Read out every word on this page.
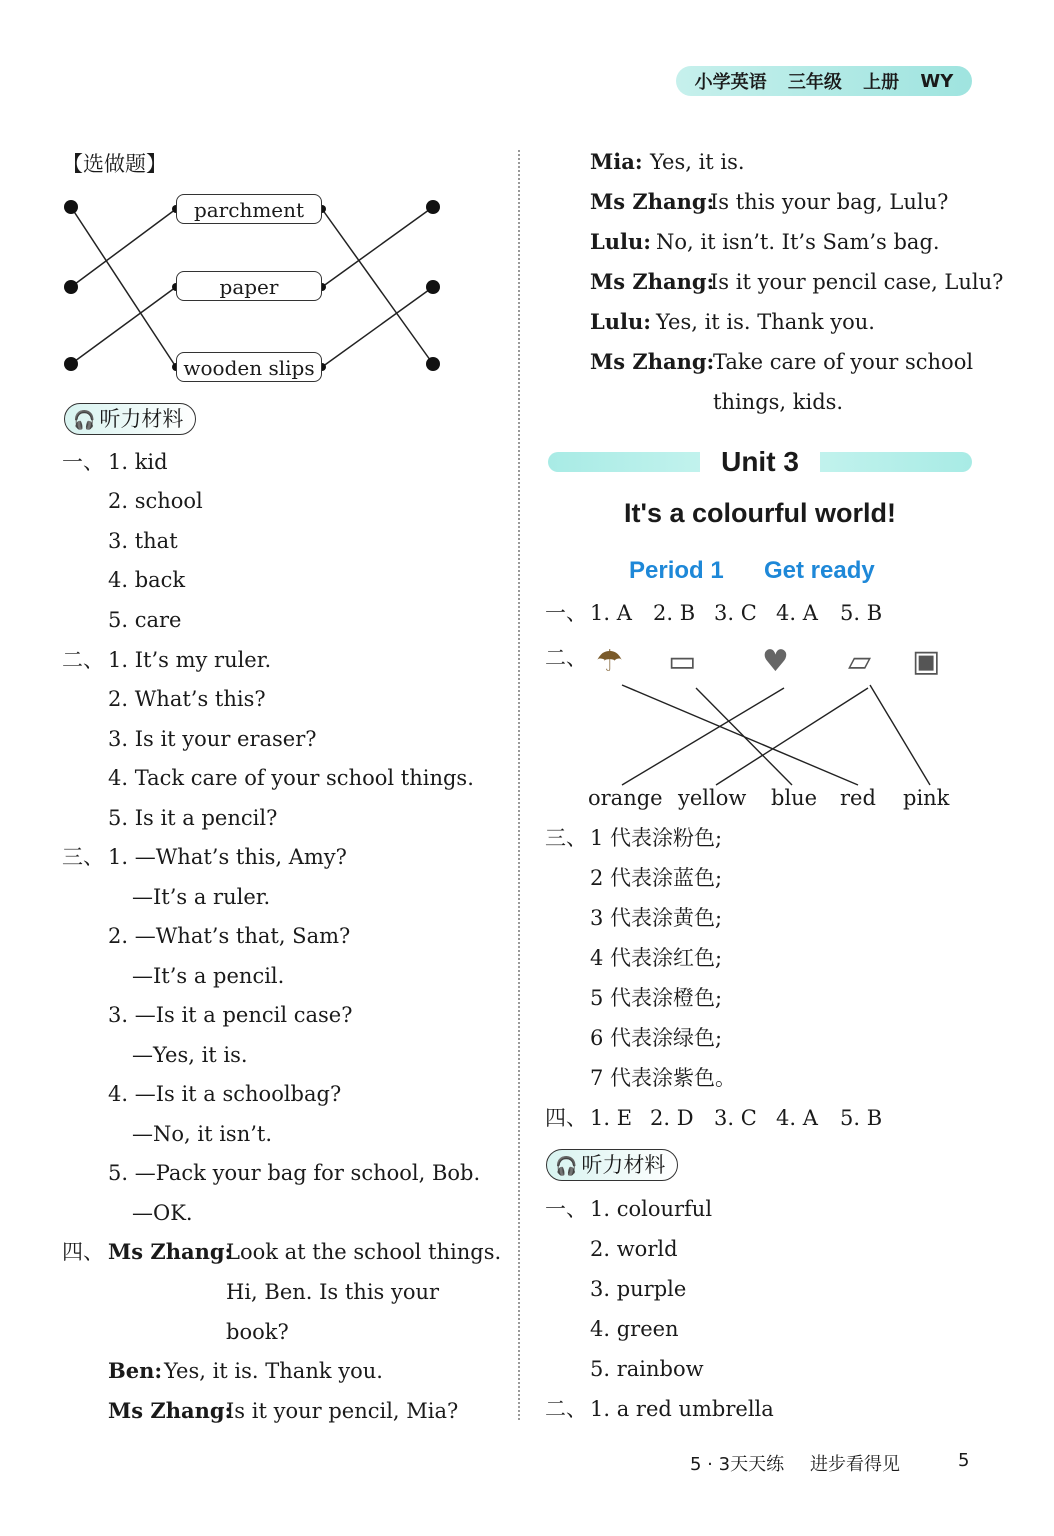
小学英语 三年级 上册 WY
【选做题】
parchment
paper
wooden slips
🎧 听力材料
一、 1. kid
2. school
3. that
4. back
5. care
二、 1. It’s my ruler.
2. What’s this?
3. Is it your eraser?
4. Tack care of your school things.
5. Is it a pencil?
三、 1. —What’s this, Amy?
—It’s a ruler.
2. —What’s that, Sam?
—It’s a pencil.
3. —Is it a pencil case?
—Yes, it is.
4. —Is it a schoolbag?
—No, it isn’t.
5. —Pack your bag for school, Bob.
—OK.
四、 Ms Zhang:
Look at the school things.
Hi, Ben. Is this your
book?
Ben: Yes, it is. Thank you.
Ms Zhang:
Is it your pencil, Mia?
Mia: Yes, it is.
Ms Zhang:
Is this your bag, Lulu?
Lulu: No, it isn’t. It’s Sam’s bag.
Ms Zhang:
Is it your pencil case, Lulu?
Lulu: Yes, it is. Thank you.
Ms Zhang:
Take care of your school
things, kids.
Unit 3
It's a colourful world!
Period 1 Get ready
一、 1. A 2. B 3. C 4. A 5. B
二、 ☂ ▭ ♥ ▱ ▣
orange yellow blue red pink
三、 1 代表涂粉色;
2 代表涂蓝色;
3 代表涂黄色;
4 代表涂红色;
5 代表涂橙色;
6 代表涂绿色;
7 代表涂紫色。
四、 1. E 2. D 3. C 4. A 5. B
🎧 听力材料
一、 1. colourful
2. world
3. purple
4. green
5. rainbow
二、 1. a red umbrella
5 · 3天天练 进步看得见	5
